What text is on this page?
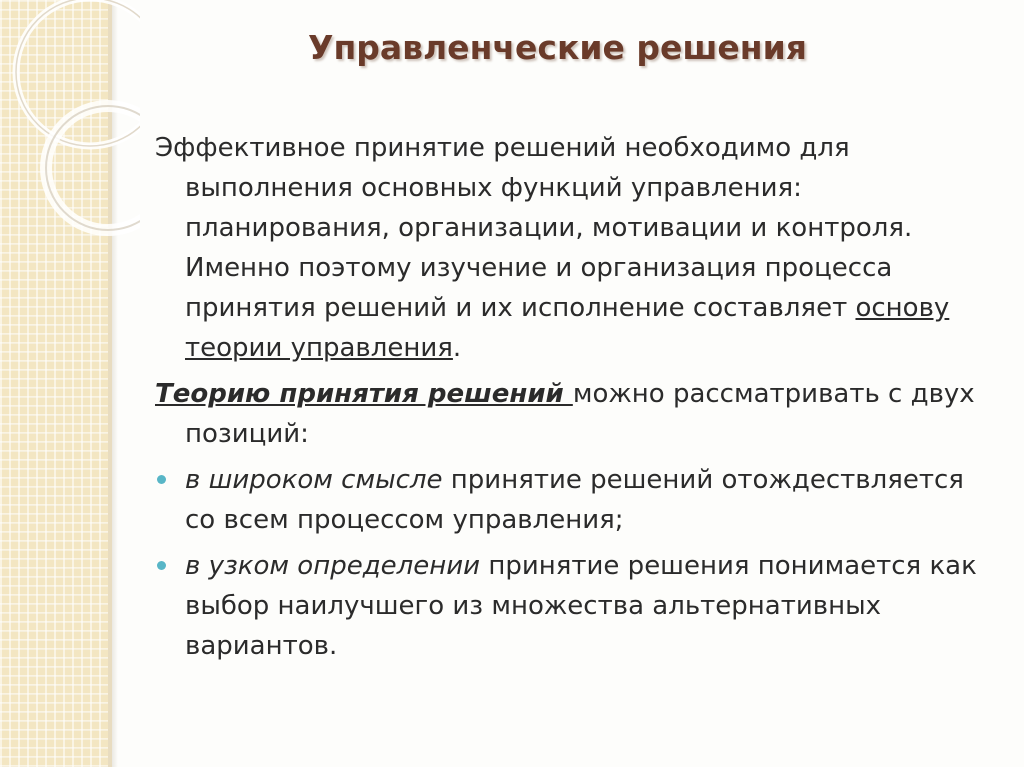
Управленческие решения

Эффективное принятие решений необходимо для выполнения основных функций управления: планирования, организации, мотивации и контроля. Именно поэтому изучение и организация процесса принятия решений и их исполнение составляет основу теории управления.

Теорию принятия решений можно рассматривать с двух позиций:

в широком смысле принятие решений отождествляется со всем процессом управления;
в узком определении принятие решения понимается как выбор наилучшего из множества альтернативных вариантов.
